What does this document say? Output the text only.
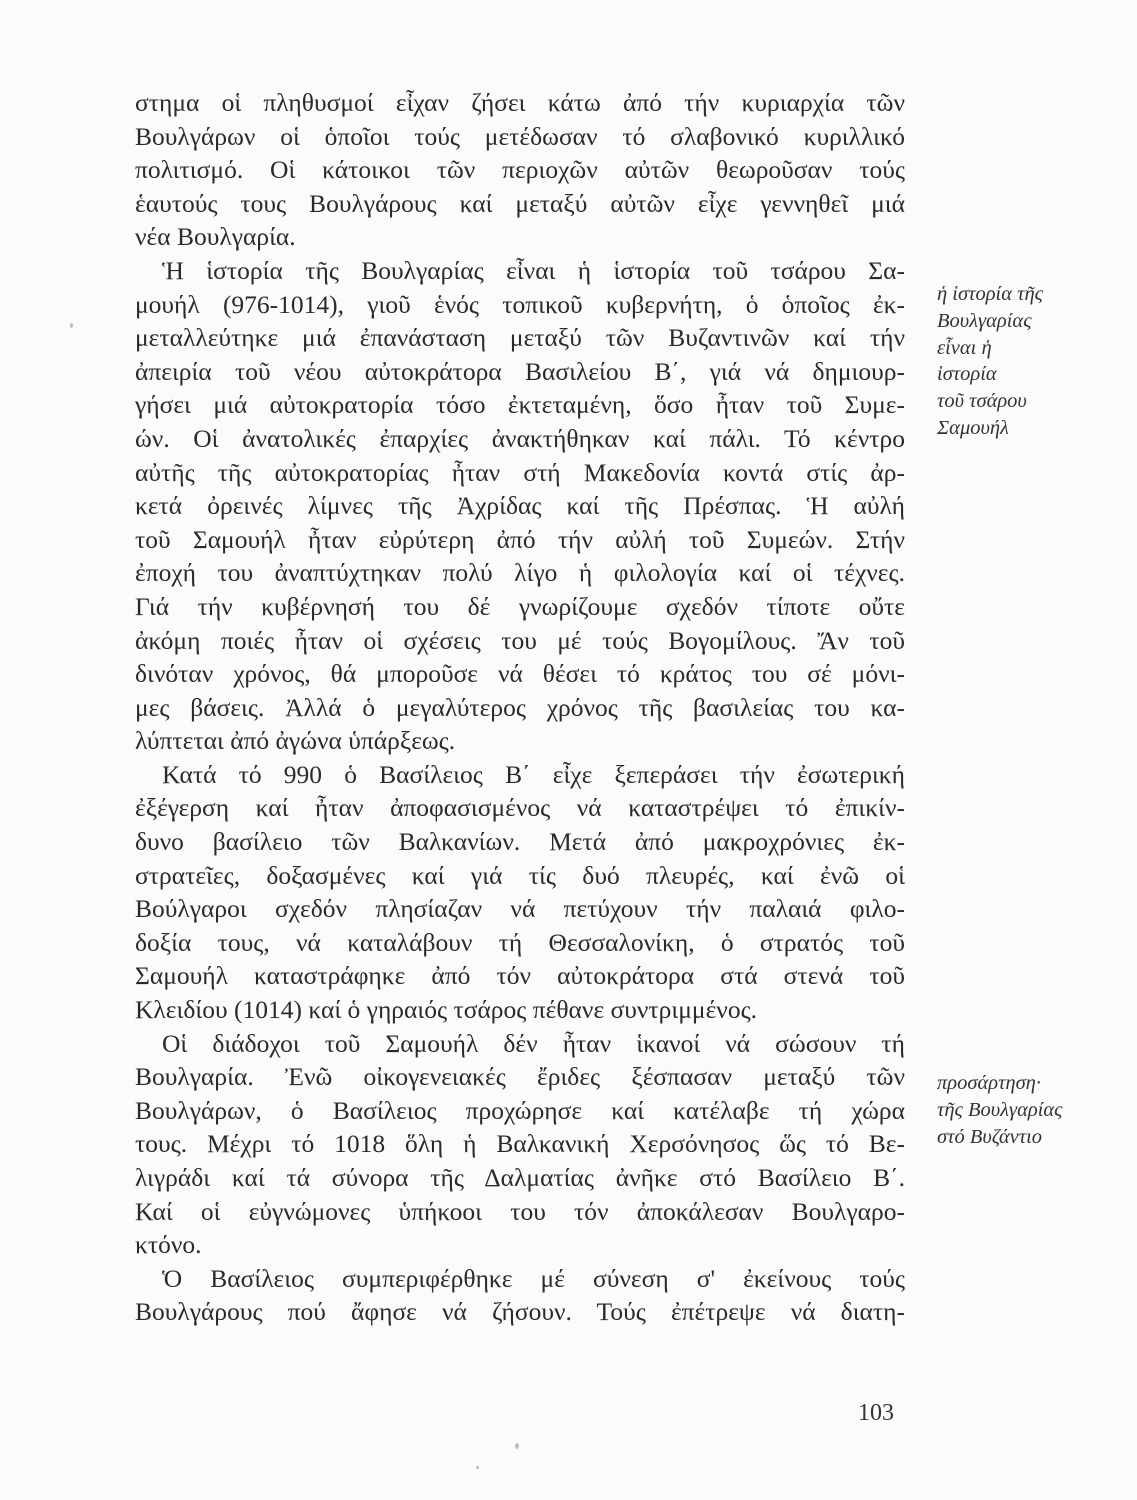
στημα οἱ πληθυσμοί εἶχαν ζήσει κάτω ἀπό τήν κυριαρχία τῶν
Βουλγάρων οἱ ὁποῖοι τούς μετέδωσαν τό σλαβονικό κυριλλικό
πολιτισμό. Οἱ κάτοικοι τῶν περιοχῶν αὐτῶν θεωροῦσαν τούς
ἑαυτούς τους Βουλγάρους καί μεταξύ αὐτῶν εἶχε γεννηθεῖ μιά
νέα Βουλγαρία.

Ἡ ἱστορία τῆς Βουλγαρίας εἶναι ἡ ἱστορία τοῦ τσάρου Σα-
μουήλ (976-1014), γιοῦ ἑνός τοπικοῦ κυβερνήτη, ὁ ὁποῖος ἐκ-
μεταλλεύτηκε μιά ἐπανάσταση μεταξύ τῶν Βυζαντινῶν καί τήν
ἀπειρία τοῦ νέου αὐτοκράτορα Βασιλείου Β΄, γιά νά δημιουρ-
γήσει μιά αὐτοκρατορία τόσο ἐκτεταμένη, ὅσο ἦταν τοῦ Συμε-
ών. Οἱ ἀνατολικές ἐπαρχίες ἀνακτήθηκαν καί πάλι. Τό κέντρο
αὐτῆς τῆς αὐτοκρατορίας ἦταν στή Μακεδονία κοντά στίς ἀρ-
κετά ὀρεινές λίμνες τῆς Ἀχρίδας καί τῆς Πρέσπας. Ἡ αὐλή
τοῦ Σαμουήλ ἦταν εὐρύτερη ἀπό τήν αὐλή τοῦ Συμεών. Στήν
ἐποχή του ἀναπτύχτηκαν πολύ λίγο ἡ φιλολογία καί οἱ τέχνες.
Γιά τήν κυβέρνησή του δέ γνωρίζουμε σχεδόν τίποτε οὔτε
ἀκόμη ποιές ἦταν οἱ σχέσεις του μέ τούς Βογομίλους. Ἄν τοῦ
δινόταν χρόνος, θά μποροῦσε νά θέσει τό κράτος του σέ μόνι-
μες βάσεις. Ἀλλά ὁ μεγαλύτερος χρόνος τῆς βασιλείας του κα-
λύπτεται ἀπό ἀγώνα ὑπάρξεως.

Κατά τό 990 ὁ Βασίλειος Β΄ εἶχε ξεπεράσει τήν ἐσωτερική
ἐξέγερση καί ἦταν ἀποφασισμένος νά καταστρέψει τό ἐπικίν-
δυνο βασίλειο τῶν Βαλκανίων. Μετά ἀπό μακροχρόνιες ἐκ-
στρατεῖες, δοξασμένες καί γιά τίς δυό πλευρές, καί ἐνῶ οἱ
Βούλγαροι σχεδόν πλησίαζαν νά πετύχουν τήν παλαιά φιλο-
δοξία τους, νά καταλάβουν τή Θεσσαλονίκη, ὁ στρατός τοῦ
Σαμουήλ καταστράφηκε ἀπό τόν αὐτοκράτορα στά στενά τοῦ
Κλειδίου (1014) καί ὁ γηραιός τσάρος πέθανε συντριμμένος.

Οἱ διάδοχοι τοῦ Σαμουήλ δέν ἦταν ἱκανοί νά σώσουν τή
Βουλγαρία. Ἐνῶ οἰκογενειακές ἔριδες ξέσπασαν μεταξύ τῶν
Βουλγάρων, ὁ Βασίλειος προχώρησε καί κατέλαβε τή χώρα
τους. Μέχρι τό 1018 ὅλη ἡ Βαλκανική Χερσόνησος ὥς τό Βε-
λιγράδι καί τά σύνορα τῆς Δαλματίας ἀνῆκε στό Βασίλειο Β΄.
Καί οἱ εὐγνώμονες ὑπήκοοι του τόν ἀποκάλεσαν Βουλγαρο-
κτόνο.

Ὁ Βασίλειος συμπεριφέρθηκε μέ σύνεση σ' ἐκείνους τούς
Βουλγάρους πού ἄφησε νά ζήσουν. Τούς ἐπέτρεψε νά διατη-

ἡ ἱστορία τῆς
Βουλγαρίας
εἶναι ἡ
ἱστορία
τοῦ τσάρου
Σαμουήλ
προσάρτηση·
τῆς Βουλγαρίας
στό Βυζάντιο
103
